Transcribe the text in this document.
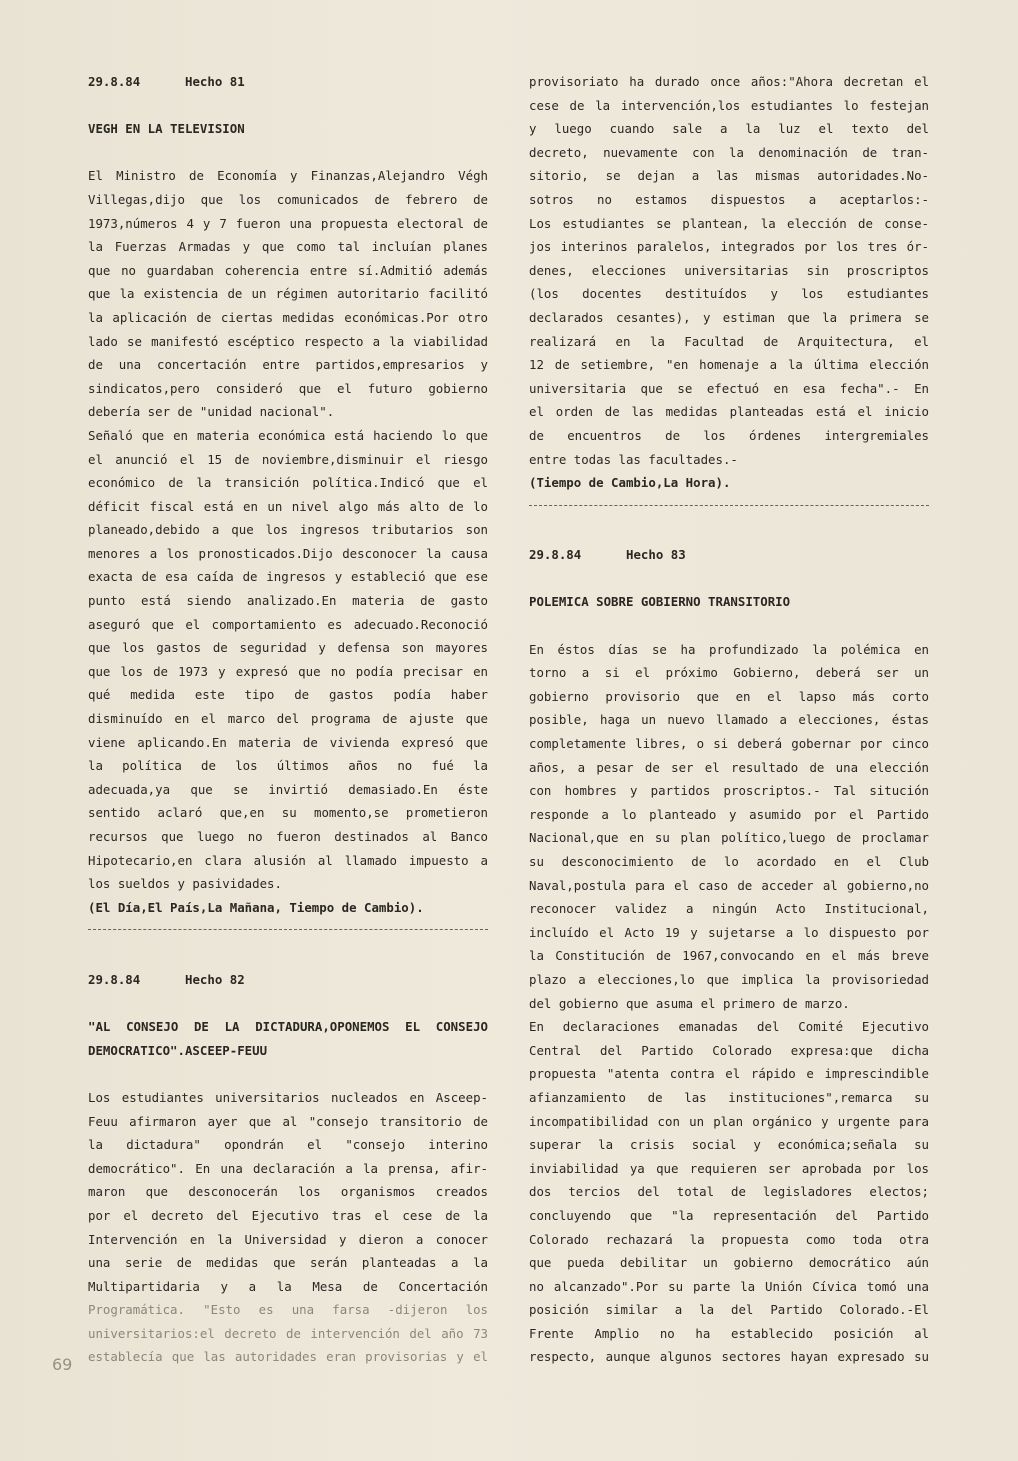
29.8.84	Hecho 81
VEGH EN LA TELEVISION
El Ministro de Economía y Finanzas,Alejandro Végh
Villegas,dijo que los comunicados de febrero de
1973,números 4 y 7 fueron una propuesta electoral de
la Fuerzas Armadas y que como tal incluían planes
que no guardaban coherencia entre sí.Admitió además
que la existencia de un régimen autoritario facilitó
la aplicación de ciertas medidas económicas.Por otro
lado se manifestó escéptico respecto a la viabilidad
de una concertación entre partidos,empresarios y
sindicatos,pero consideró que el futuro gobierno
debería ser de "unidad nacional".
Señaló que en materia económica está haciendo lo que
el anunció el 15 de noviembre,disminuir el riesgo
económico de la transición política.Indicó que el
déficit fiscal está en un nivel algo más alto de lo
planeado,debido a que los ingresos tributarios son
menores a los pronosticados.Dijo desconocer la causa
exacta de esa caída de ingresos y estableció que ese
punto está siendo analizado.En materia de gasto
aseguró que el comportamiento es adecuado.Reconoció
que los gastos de seguridad y defensa son mayores
que los de 1973 y expresó que no podía precisar en
qué medida este tipo de gastos podía haber
disminuído en el marco del programa de ajuste que
viene aplicando.En materia de vivienda expresó que
la política de los últimos años no fué la
adecuada,ya que se invirtió demasiado.En éste
sentido aclaró que,en su momento,se prometieron
recursos que luego no fueron destinados al Banco
Hipotecario,en clara alusión al llamado impuesto a
los sueldos y pasividades.
(El Día,El País,La Mañana, Tiempo de Cambio).
29.8.84	Hecho 82
"AL CONSEJO DE LA DICTADURA,OPONEMOS EL CONSEJO
DEMOCRATICO".ASCEEP-FEUU
Los estudiantes universitarios nucleados en Asceep-
Feuu afirmaron ayer que al "consejo transitorio de
la dictadura" opondrán el "consejo interino
democrático". En una declaración a la prensa, afir-
maron que desconocerán los organismos creados
por el decreto del Ejecutivo tras el cese de la
Intervención en la Universidad y dieron a conocer
una serie de medidas que serán planteadas a la
Multipartidaria y a la Mesa de Concertación
Programática. "Esto es una farsa -dijeron los
universitarios:el decreto de intervención del año 73
establecía que las autoridades eran provisorias y el
provisoriato ha durado once años:"Ahora decretan el
cese de la intervención,los estudiantes lo festejan
y luego cuando sale a la luz el texto del
decreto, nuevamente con la denominación de tran-
sitorio, se dejan a las mismas autoridades.No-
sotros no estamos dispuestos a aceptarlos:-
Los estudiantes se plantean, la elección de conse-
jos interinos paralelos, integrados por los tres ór-
denes, elecciones universitarias sin proscriptos
(los docentes destituídos y los estudiantes
declarados cesantes), y estiman que la primera se
realizará en la Facultad de Arquitectura, el
12 de setiembre, "en homenaje a la última elección
universitaria que se efectuó en esa fecha".- En
el orden de las medidas planteadas está el inicio
de encuentros de los órdenes intergremiales
entre todas las facultades.-
(Tiempo de Cambio,La Hora).
29.8.84	Hecho 83
POLEMICA SOBRE GOBIERNO TRANSITORIO
En éstos días se ha profundizado la polémica en
torno a si el próximo Gobierno, deberá ser un
gobierno provisorio que en el lapso más corto
posible, haga un nuevo llamado a elecciones, éstas
completamente libres, o si deberá gobernar por cinco
años, a pesar de ser el resultado de una elección
con hombres y partidos proscriptos.- Tal situción
responde a lo planteado y asumido por el Partido
Nacional,que en su plan político,luego de proclamar
su desconocimiento de lo acordado en el Club
Naval,postula para el caso de acceder al gobierno,no
reconocer validez a ningún Acto Institucional,
incluído el Acto 19 y sujetarse a lo dispuesto por
la Constitución de 1967,convocando en el más breve
plazo a elecciones,lo que implica la provisoriedad
del gobierno que asuma el primero de marzo.
En declaraciones emanadas del Comité Ejecutivo
Central del Partido Colorado expresa:que dicha
propuesta "atenta contra el rápido e imprescindible
afianzamiento de las instituciones",remarca su
incompatibilidad con un plan orgánico y urgente para
superar la crisis social y económica;señala su
inviabilidad ya que requieren ser aprobada por los
dos tercios del total de legisladores electos;
concluyendo que "la representación del Partido
Colorado rechazará la propuesta como toda otra
que pueda debilitar un gobierno democrático aún
no alcanzado".Por su parte la Unión Cívica tomó una
posición similar a la del Partido Colorado.-El
Frente Amplio no ha establecido posición al
respecto, aunque algunos sectores hayan expresado su
69
